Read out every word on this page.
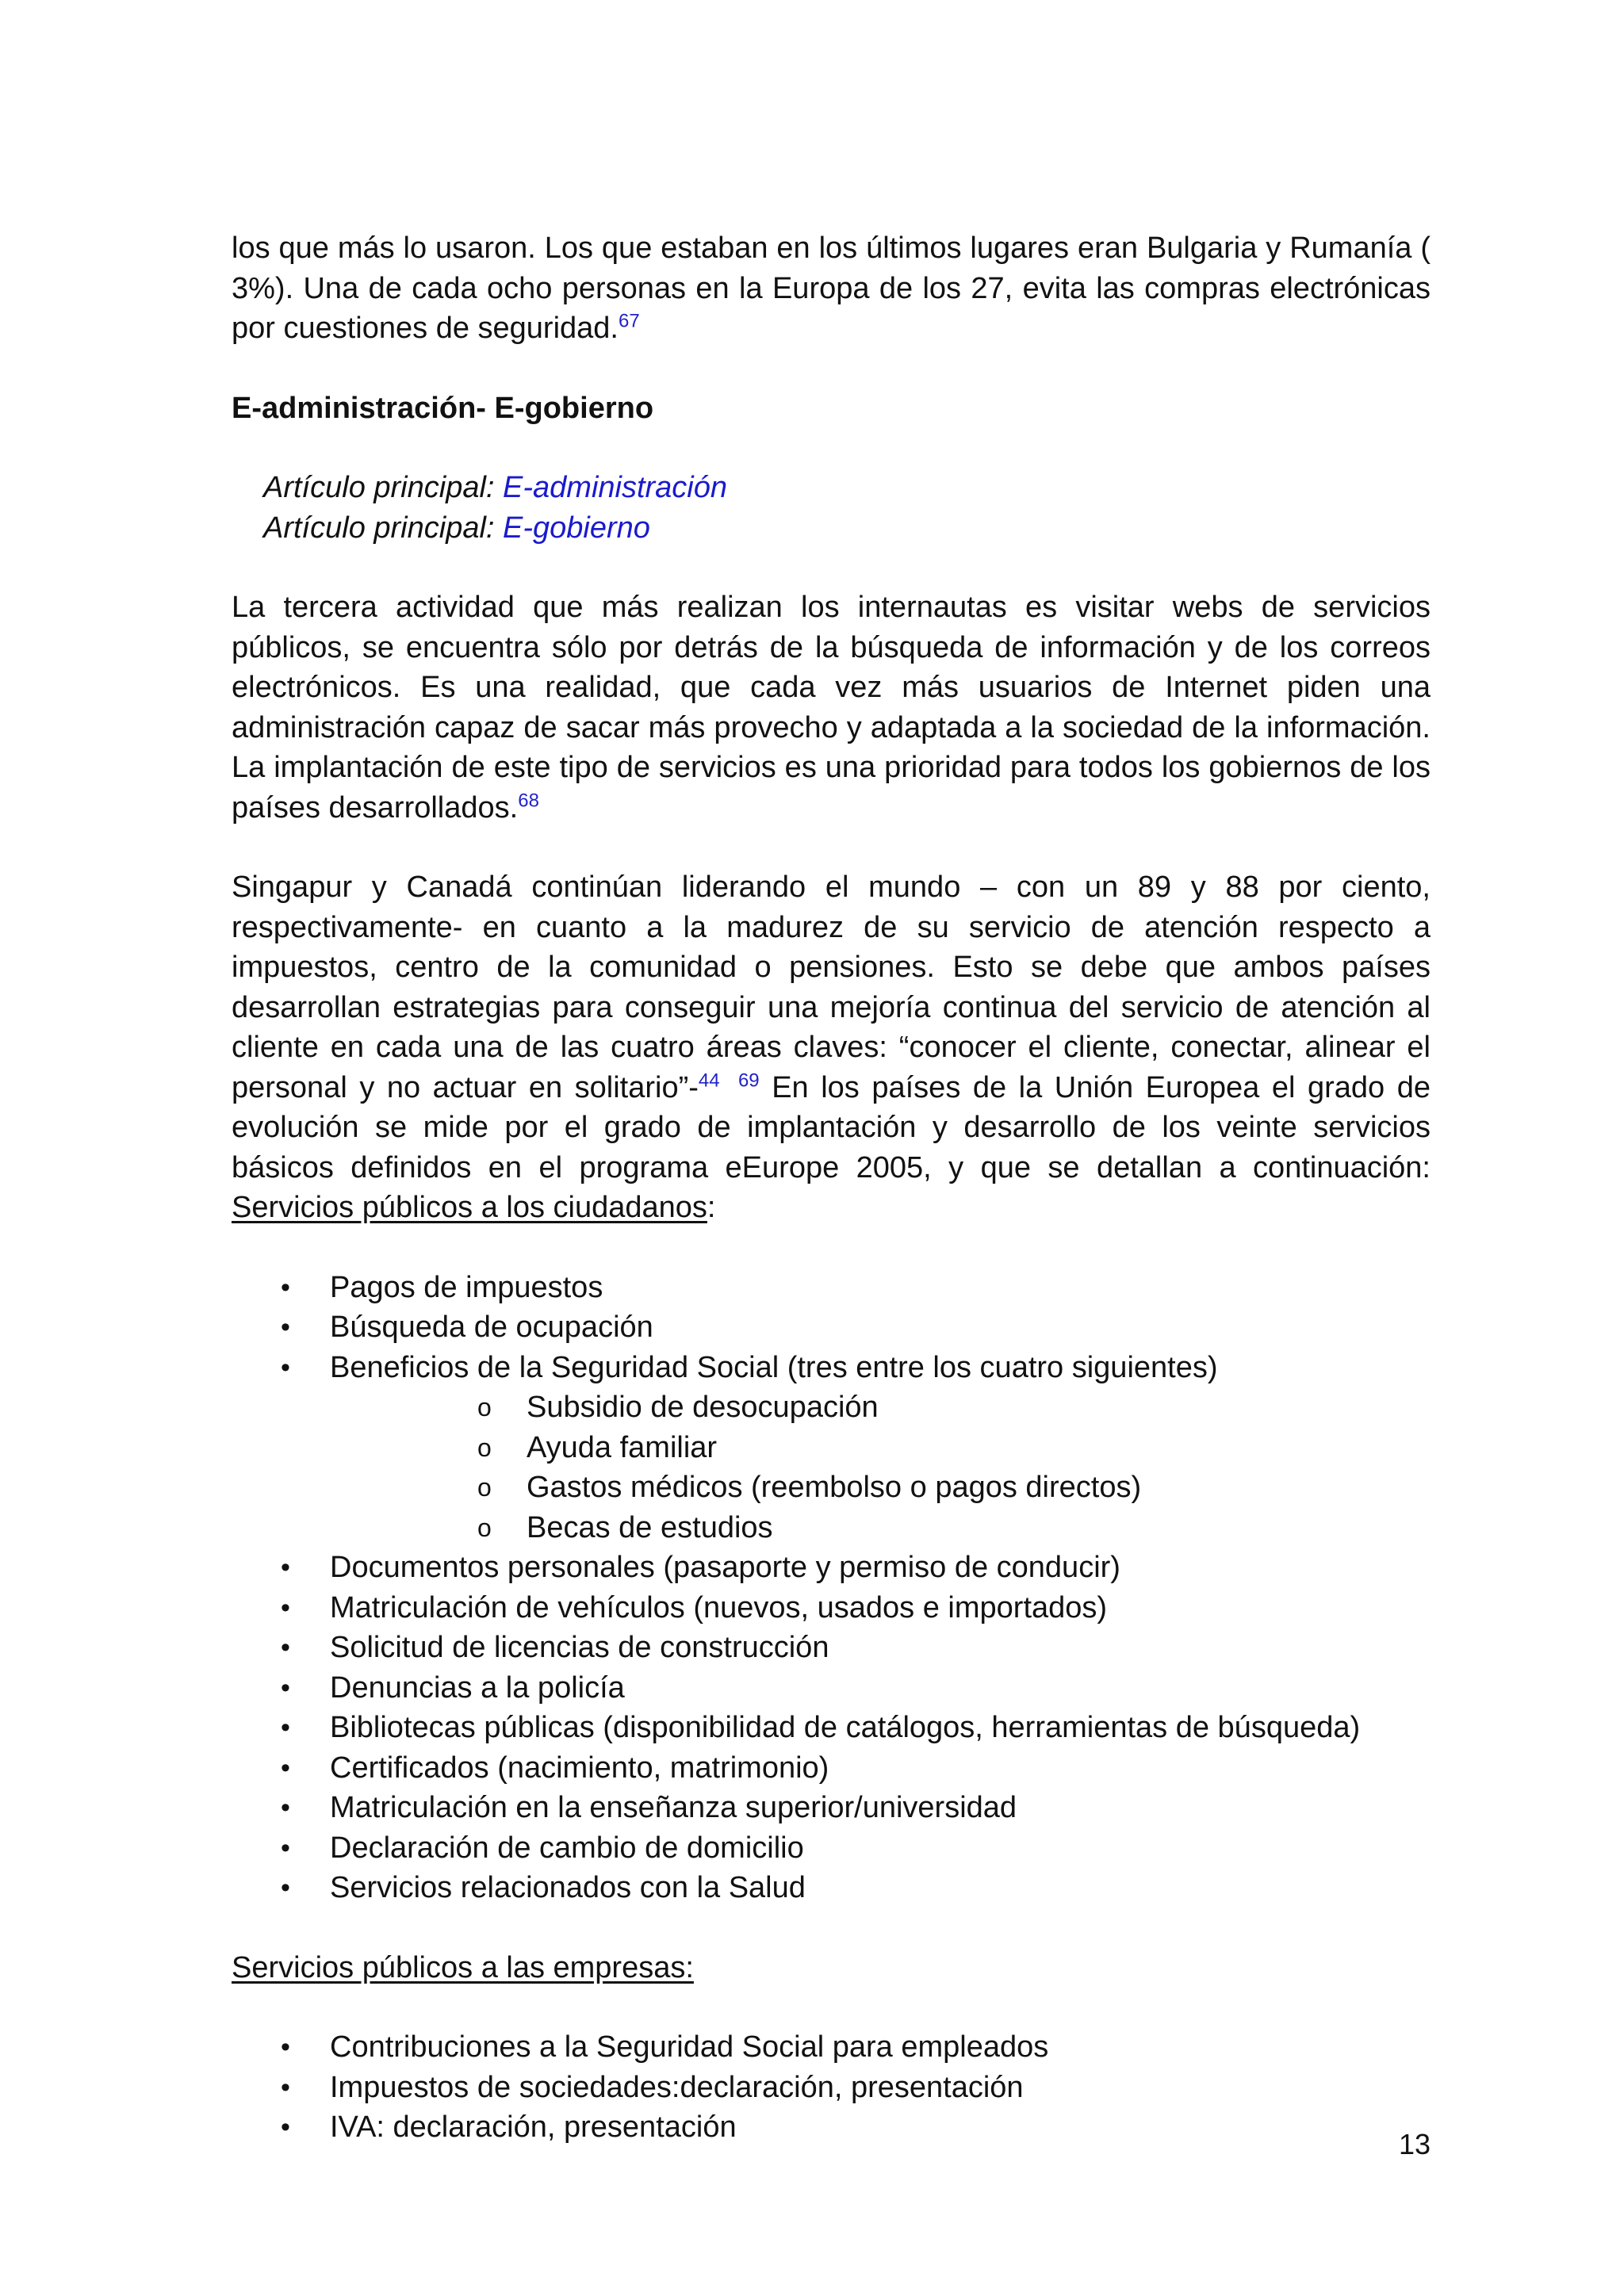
los que más lo usaron. Los que estaban en los últimos lugares eran Bulgaria y Rumanía ( 3%). Una de cada ocho personas en la Europa de los 27, evita las compras electrónicas por cuestiones de seguridad.$^{67}$

E-administración- E-gobierno

Artículo principal: E-administración

Artículo principal: E-gobierno

La tercera actividad que más realizan los internautas es visitar webs de servicios públicos, se encuentra sólo por detrás de la búsqueda de información y de los correos electrónicos. Es una realidad, que cada vez más usuarios de Internet piden una administración capaz de sacar más provecho y adaptada a la sociedad de la información. La implantación de este tipo de servicios es una prioridad para todos los gobiernos de los países desarrollados.$^{68}$

Singapur y Canadá continúan liderando el mundo – con un 89 y 88 por ciento, respectivamente- en cuanto a la madurez de su servicio de atención respecto a impuestos, centro de la comunidad o pensiones. Esto se debe que ambos países desarrollan estrategias para conseguir una mejoría continua del servicio de atención al cliente en cada una de las cuatro áreas claves: “conocer el cliente, conectar, alinear el personal y no actuar en solitario”-$^{44}$ $^{69}$ En los países de la Unión Europea el grado de evolución se mide por el grado de implantación y desarrollo de los veinte servicios básicos definidos en el programa eEurope 2005, y que se detallan a continuación: Servicios públicos a los ciudadanos:

• Pagos de impuestos
• Búsqueda de ocupación
• Beneficios de la Seguridad Social (tres entre los cuatro siguientes)
o Subsidio de desocupación
o Ayuda familiar
o Gastos médicos (reembolso o pagos directos)
o Becas de estudios
• Documentos personales (pasaporte y permiso de conducir)
• Matriculación de vehículos (nuevos, usados e importados)
• Solicitud de licencias de construcción
• Denuncias a la policía
• Bibliotecas públicas (disponibilidad de catálogos, herramientas de búsqueda)
• Certificados (nacimiento, matrimonio)
• Matriculación en la enseñanza superior/universidad
• Declaración de cambio de domicilio
• Servicios relacionados con la Salud

Servicios públicos a las empresas:

• Contribuciones a la Seguridad Social para empleados
• Impuestos de sociedades:declaración, presentación
• IVA: declaración, presentación
13
